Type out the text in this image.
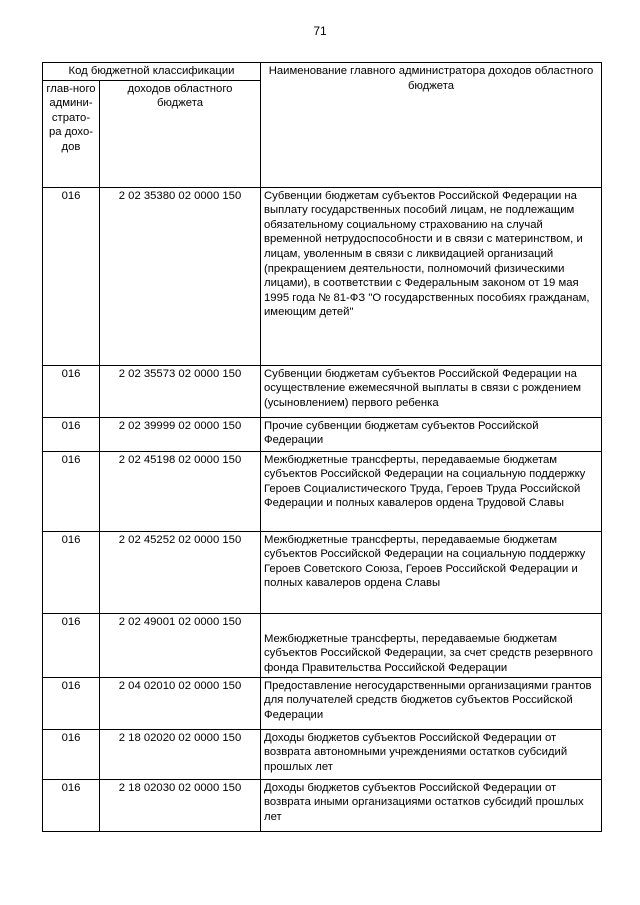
71
Код бюджетной классификации		Наименование главного администратора доходов областного бюджета
глав-ного админи-страто-ра дохо-дов	доходов областного бюджета	
016	2 02 35380 02 0000 150	Субвенции бюджетам субъектов Российской Федерации на выплату государственных пособий лицам, не подлежащим обязательному социальному страхованию на случай временной нетрудоспособности и в связи с материнством, и лицам, уволенным в связи с ликвидацией организаций (прекращением деятельности, полномочий физическими лицами), в соответствии с Федеральным законом от 19 мая 1995 года № 81-ФЗ "О государственных пособиях гражданам, имеющим детей"
016	2 02 35573 02 0000 150	Субвенции бюджетам субъектов Российской Федерации на осуществление ежемесячной выплаты в связи с рождением (усыновлением) первого ребенка
016	2 02 39999 02 0000 150	Прочие субвенции бюджетам субъектов Российской Федерации
016	2 02 45198 02 0000 150	Межбюджетные трансферты, передаваемые бюджетам субъектов Российской Федерации на социальную поддержку Героев Социалистического Труда, Героев Труда Российской Федерации и полных кавалеров ордена Трудовой Славы
016	2 02 45252 02 0000 150	Межбюджетные трансферты, передаваемые бюджетам субъектов Российской Федерации на социальную поддержку Героев Советского Союза, Героев Российской Федерации и полных кавалеров ордена Славы
016	2 02 49001 02 0000 150	Межбюджетные трансферты, передаваемые бюджетам субъектов Российской Федерации, за счет средств резервного фонда Правительства Российской Федерации
016	2 04 02010 02 0000 150	Предоставление негосударственными организациями грантов для получателей средств бюджетов субъектов Российской Федерации
016	2 18 02020 02 0000 150	Доходы бюджетов субъектов Российской Федерации от возврата автономными учреждениями остатков субсидий прошлых лет
016	2 18 02030 02 0000 150	Доходы бюджетов субъектов Российской Федерации от возврата иными организациями остатков субсидий прошлых лет
